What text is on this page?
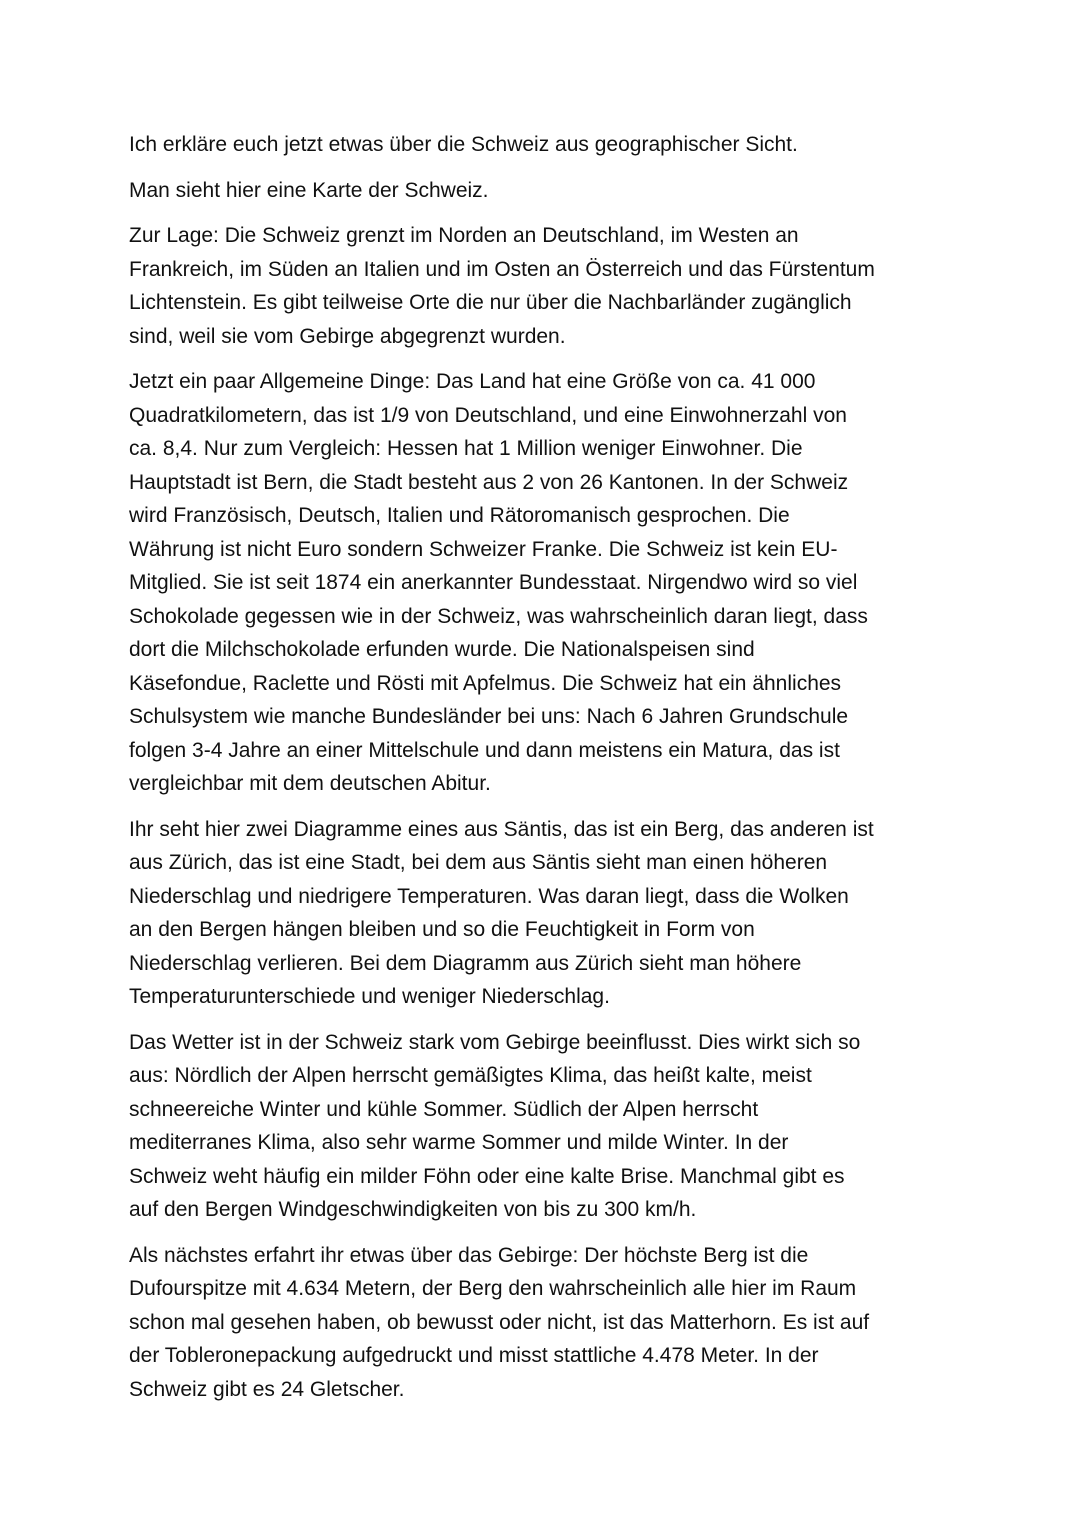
Ich erkläre euch jetzt etwas über die Schweiz aus geographischer Sicht.

Man sieht hier eine Karte der Schweiz.

Zur Lage: Die Schweiz grenzt im Norden an Deutschland, im Westen an
Frankreich, im Süden an Italien und im Osten an Österreich und das Fürstentum
Lichtenstein. Es gibt teilweise Orte die nur über die Nachbarländer zugänglich
sind, weil sie vom Gebirge abgegrenzt wurden.

Jetzt ein paar Allgemeine Dinge: Das Land hat eine Größe von ca. 41 000
Quadratkilometern, das ist 1/9 von Deutschland, und eine Einwohnerzahl von
ca. 8,4. Nur zum Vergleich: Hessen hat 1 Million weniger Einwohner. Die
Hauptstadt ist Bern, die Stadt besteht aus 2 von 26 Kantonen. In der Schweiz
wird Französisch, Deutsch, Italien und Rätoromanisch gesprochen. Die
Währung ist nicht Euro sondern Schweizer Franke. Die Schweiz ist kein EU-
Mitglied. Sie ist seit 1874 ein anerkannter Bundesstaat. Nirgendwo wird so viel
Schokolade gegessen wie in der Schweiz, was wahrscheinlich daran liegt, dass
dort die Milchschokolade erfunden wurde. Die Nationalspeisen sind
Käsefondue, Raclette und Rösti mit Apfelmus. Die Schweiz hat ein ähnliches
Schulsystem wie manche Bundesländer bei uns: Nach 6 Jahren Grundschule
folgen 3-4 Jahre an einer Mittelschule und dann meistens ein Matura, das ist
vergleichbar mit dem deutschen Abitur.

Ihr seht hier zwei Diagramme eines aus Säntis, das ist ein Berg, das anderen ist
aus Zürich, das ist eine Stadt, bei dem aus Säntis sieht man einen höheren
Niederschlag und niedrigere Temperaturen. Was daran liegt, dass die Wolken
an den Bergen hängen bleiben und so die Feuchtigkeit in Form von
Niederschlag verlieren. Bei dem Diagramm aus Zürich sieht man höhere
Temperaturunterschiede und weniger Niederschlag.

Das Wetter ist in der Schweiz stark vom Gebirge beeinflusst. Dies wirkt sich so
aus: Nördlich der Alpen herrscht gemäßigtes Klima, das heißt kalte, meist
schneereiche Winter und kühle Sommer. Südlich der Alpen herrscht
mediterranes Klima, also sehr warme Sommer und milde Winter. In der
Schweiz weht häufig ein milder Föhn oder eine kalte Brise. Manchmal gibt es
auf den Bergen Windgeschwindigkeiten von bis zu 300 km/h.

Als nächstes erfahrt ihr etwas über das Gebirge: Der höchste Berg ist die
Dufourspitze mit 4.634 Metern, der Berg den wahrscheinlich alle hier im Raum
schon mal gesehen haben, ob bewusst oder nicht, ist das Matterhorn. Es ist auf
der Tobleronepackung aufgedruckt und misst stattliche 4.478 Meter. In der
Schweiz gibt es 24 Gletscher.
